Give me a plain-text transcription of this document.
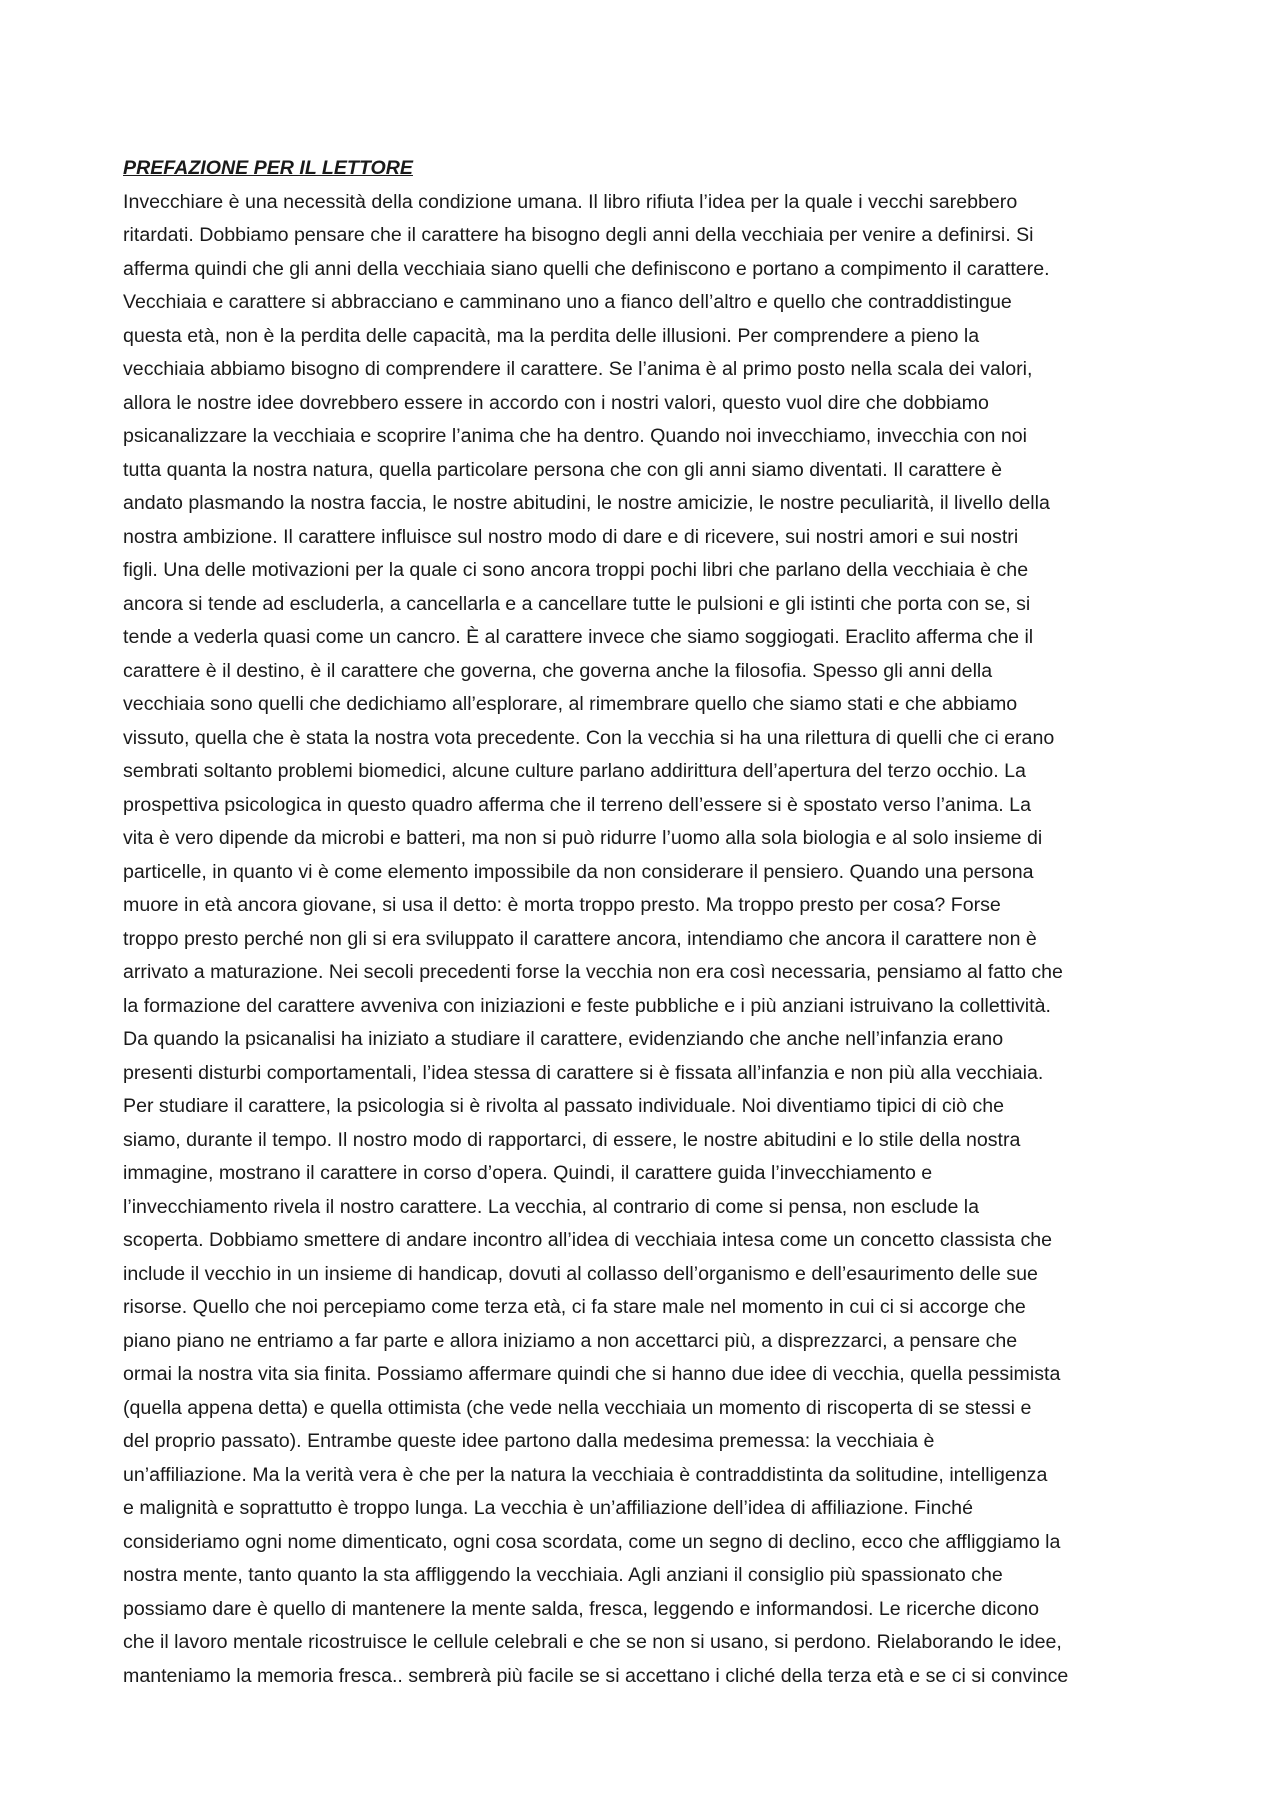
PREFAZIONE PER IL LETTORE
Invecchiare è una necessità della condizione umana. Il libro rifiuta l’idea per la quale i vecchi sarebbero
ritardati. Dobbiamo pensare che il carattere ha bisogno degli anni della vecchiaia per venire a definirsi. Si
afferma quindi che gli anni della vecchiaia siano quelli che definiscono e portano a compimento il carattere.
Vecchiaia e carattere si abbracciano e camminano uno a fianco dell’altro e quello che contraddistingue
questa età, non è la perdita delle capacità, ma la perdita delle illusioni. Per comprendere a pieno la
vecchiaia abbiamo bisogno di comprendere il carattere. Se l’anima è al primo posto nella scala dei valori,
allora le nostre idee dovrebbero essere in accordo con i nostri valori, questo vuol dire che dobbiamo
psicanalizzare la vecchiaia e scoprire l’anima che ha dentro. Quando noi invecchiamo, invecchia con noi
tutta quanta la nostra natura, quella particolare persona che con gli anni siamo diventati. Il carattere è
andato plasmando la nostra faccia, le nostre abitudini, le nostre amicizie, le nostre peculiarità, il livello della
nostra ambizione. Il carattere influisce sul nostro modo di dare e di ricevere, sui nostri amori e sui nostri
figli. Una delle motivazioni per la quale ci sono ancora troppi pochi libri che parlano della vecchiaia è che
ancora si tende ad escluderla, a cancellarla e a cancellare tutte le pulsioni e gli istinti che porta con se, si
tende a vederla quasi come un cancro. È al carattere invece che siamo soggiogati. Eraclito afferma che il
carattere è il destino, è il carattere che governa, che governa anche la filosofia. Spesso gli anni della
vecchiaia sono quelli che dedichiamo all’esplorare, al rimembrare quello che siamo stati e che abbiamo
vissuto, quella che è stata la nostra vota precedente. Con la vecchia si ha una rilettura di quelli che ci erano
sembrati soltanto problemi biomedici, alcune culture parlano addirittura dell’apertura del terzo occhio. La
prospettiva psicologica in questo quadro afferma che il terreno dell’essere si è spostato verso l’anima. La
vita è vero dipende da microbi e batteri, ma non si può ridurre l’uomo alla sola biologia e al solo insieme di
particelle, in quanto vi è come elemento impossibile da non considerare il pensiero. Quando una persona
muore in età ancora giovane, si usa il detto: è morta troppo presto. Ma troppo presto per cosa? Forse
troppo presto perché non gli si era sviluppato il carattere ancora, intendiamo che ancora il carattere non è
arrivato a maturazione. Nei secoli precedenti forse la vecchia non era così necessaria, pensiamo al fatto che
la formazione del carattere avveniva con iniziazioni e feste pubbliche e i più anziani istruivano la collettività.
Da quando la psicanalisi ha iniziato a studiare il carattere, evidenziando che anche nell’infanzia erano
presenti disturbi comportamentali, l’idea stessa di carattere si è fissata all’infanzia e non più alla vecchiaia.
Per studiare il carattere, la psicologia si è rivolta al passato individuale. Noi diventiamo tipici di ciò che
siamo, durante il tempo. Il nostro modo di rapportarci, di essere, le nostre abitudini e lo stile della nostra
immagine, mostrano il carattere in corso d’opera. Quindi, il carattere guida l’invecchiamento e
l’invecchiamento rivela il nostro carattere. La vecchia, al contrario di come si pensa, non esclude la
scoperta. Dobbiamo smettere di andare incontro all’idea di vecchiaia intesa come un concetto classista che
include il vecchio in un insieme di handicap, dovuti al collasso dell’organismo e dell’esaurimento delle sue
risorse. Quello che noi percepiamo come terza età, ci fa stare male nel momento in cui ci si accorge che
piano piano ne entriamo a far parte e allora iniziamo a non accettarci più, a disprezzarci, a pensare che
ormai la nostra vita sia finita. Possiamo affermare quindi che si hanno due idee di vecchia, quella pessimista
(quella appena detta) e quella ottimista (che vede nella vecchiaia un momento di riscoperta di se stessi e
del proprio passato). Entrambe queste idee partono dalla medesima premessa: la vecchiaia è
un’affiliazione. Ma la verità vera è che per la natura la vecchiaia è contraddistinta da solitudine, intelligenza
e malignità e soprattutto è troppo lunga. La vecchia è un’affiliazione dell’idea di affiliazione. Finché
consideriamo ogni nome dimenticato, ogni cosa scordata, come un segno di declino, ecco che affliggiamo la
nostra mente, tanto quanto la sta affliggendo la vecchiaia. Agli anziani il consiglio più spassionato che
possiamo dare è quello di mantenere la mente salda, fresca, leggendo e informandosi. Le ricerche dicono
che il lavoro mentale ricostruisce le cellule celebrali e che se non si usano, si perdono. Rielaborando le idee,
manteniamo la memoria fresca.. sembrerà più facile se si accettano i cliché della terza età e se ci si convince
